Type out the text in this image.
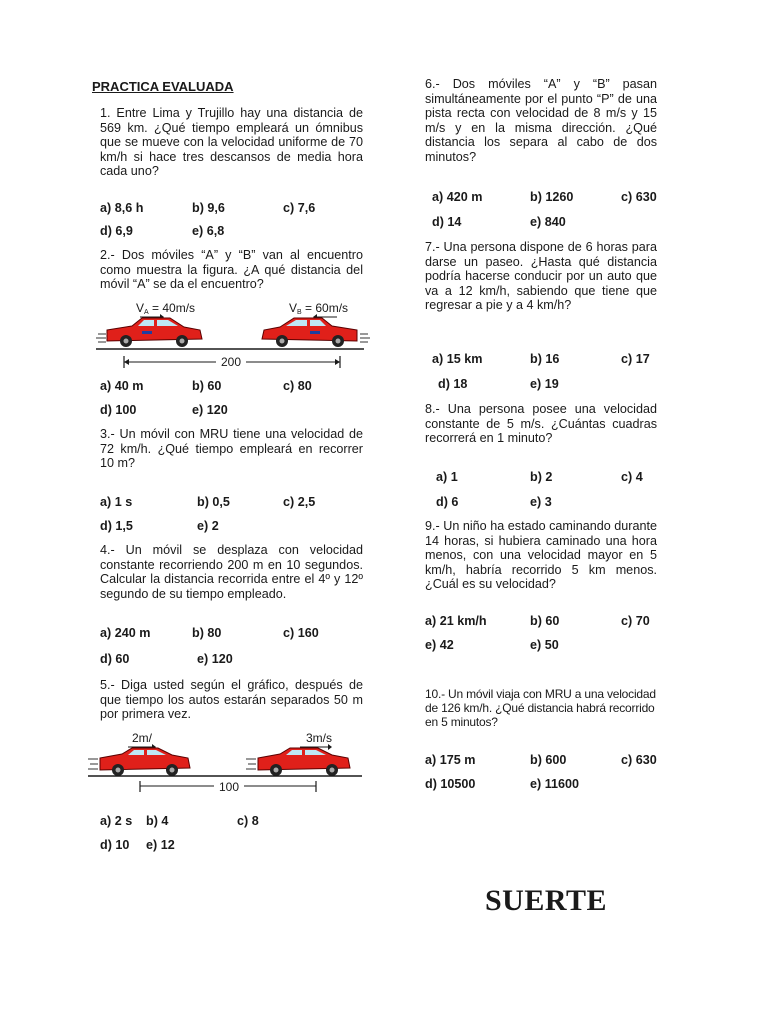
PRACTICA EVALUADA
1. Entre Lima y Trujillo hay una distancia de 569 km. ¿Qué tiempo empleará un ómnibus que se mueve con la velocidad uniforme de 70 km/h si hace tres descansos de media hora cada uno?
a) 8,6 h	b) 9,6	c) 7,6
d) 6,9	e) 6,8
2.- Dos móviles “A” y “B” van al encuentro como muestra la figura. ¿A qué distancia del móvil “A” se da el encuentro?
VA = 40m/s	VB = 60m/s
200
a) 40 m	b) 60	c) 80
d) 100	e) 120
3.- Un móvil con MRU tiene una velocidad de 72 km/h. ¿Qué tiempo empleará en recorrer 10 m?
a) 1 s	b) 0,5	c) 2,5
d) 1,5	e) 2
4.- Un móvil se desplaza con velocidad constante recorriendo 200 m en 10 segundos. Calcular la distancia recorrida entre el 4º y 12º segundo de su tiempo empleado.
a) 240 m	b) 80	c) 160
d) 60	e) 120
5.- Diga usted según el gráfico, después de que tiempo los autos estarán separados 50 m por primera vez.
2m/	3m/s
100
a) 2 s b) 4	c) 8
d) 10 e) 12
6.- Dos móviles “A” y “B” pasan simultáneamente por el punto “P” de una pista recta con velocidad de 8 m/s y 15 m/s y en la misma dirección. ¿Qué distancia los separa al cabo de dos minutos?
a) 420 m	b) 1260	c) 630
d) 14	e) 840
7.- Una persona dispone de 6 horas para darse un paseo. ¿Hasta qué distancia podría hacerse conducir por un auto que va a 12 km/h, sabiendo que tiene que regresar a pie y a 4 km/h?
a) 15 km	b) 16	c) 17
d) 18	e) 19
8.- Una persona posee una velocidad constante de 5 m/s. ¿Cuántas cuadras recorrerá en 1 minuto?
a) 1	b) 2	c) 4
d) 6	e) 3
9.- Un niño ha estado caminando durante 14 horas, si hubiera caminado una hora menos, con una velocidad mayor en 5 km/h, habría recorrido 5 km menos. ¿Cuál es su velocidad?
a) 21 km/h	b) 60	c) 70
e) 42	e) 50
10.- Un móvil viaja con MRU a una velocidad de 126 km/h. ¿Qué distancia habrá recorrido en 5 minutos?
a) 175 m	b) 600	c) 630
d) 10500	e) 11600
SUERTE
